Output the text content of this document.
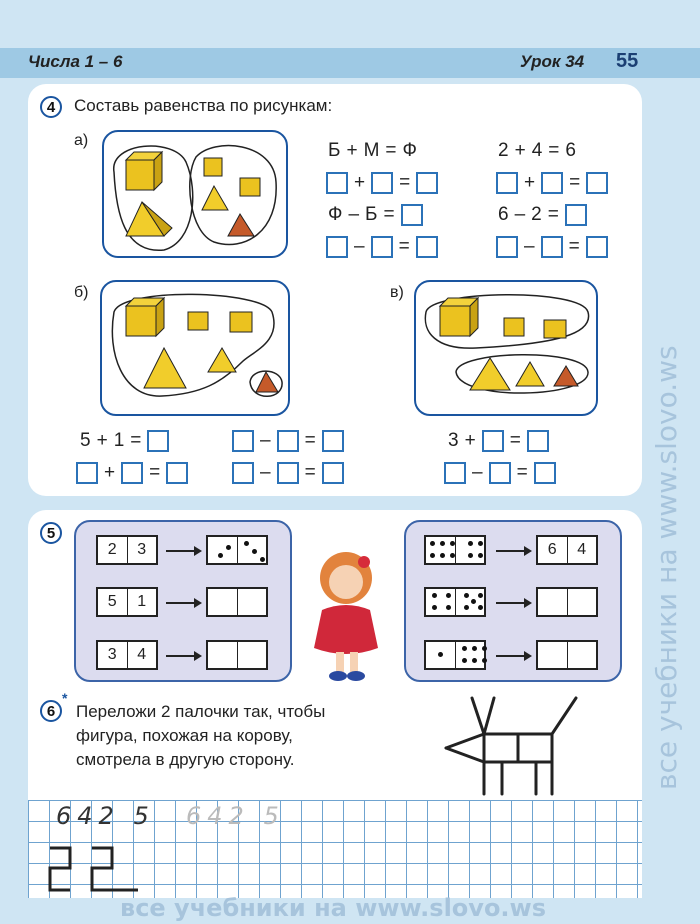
Числа 1 – 6	Урок 34 55
4	Составь равенства по рисункам:
а)	Б + М = Ф	2 + 4 = 6
+ =	+ =
Ф – Б =	6 – 2 =
– =	– =
б)	в)
5 + 1 =	– =
+ =	– =
3 + =
– =
5
2	3
5	1
3	4
6	4
6
*
Переложи 2 палочки так, чтобы
фигура, похожая на корову,
смотрела в другую сторону.
642 5 642 5
все учебники на www.slovo.ws
все учебники на www.slovo.ws
